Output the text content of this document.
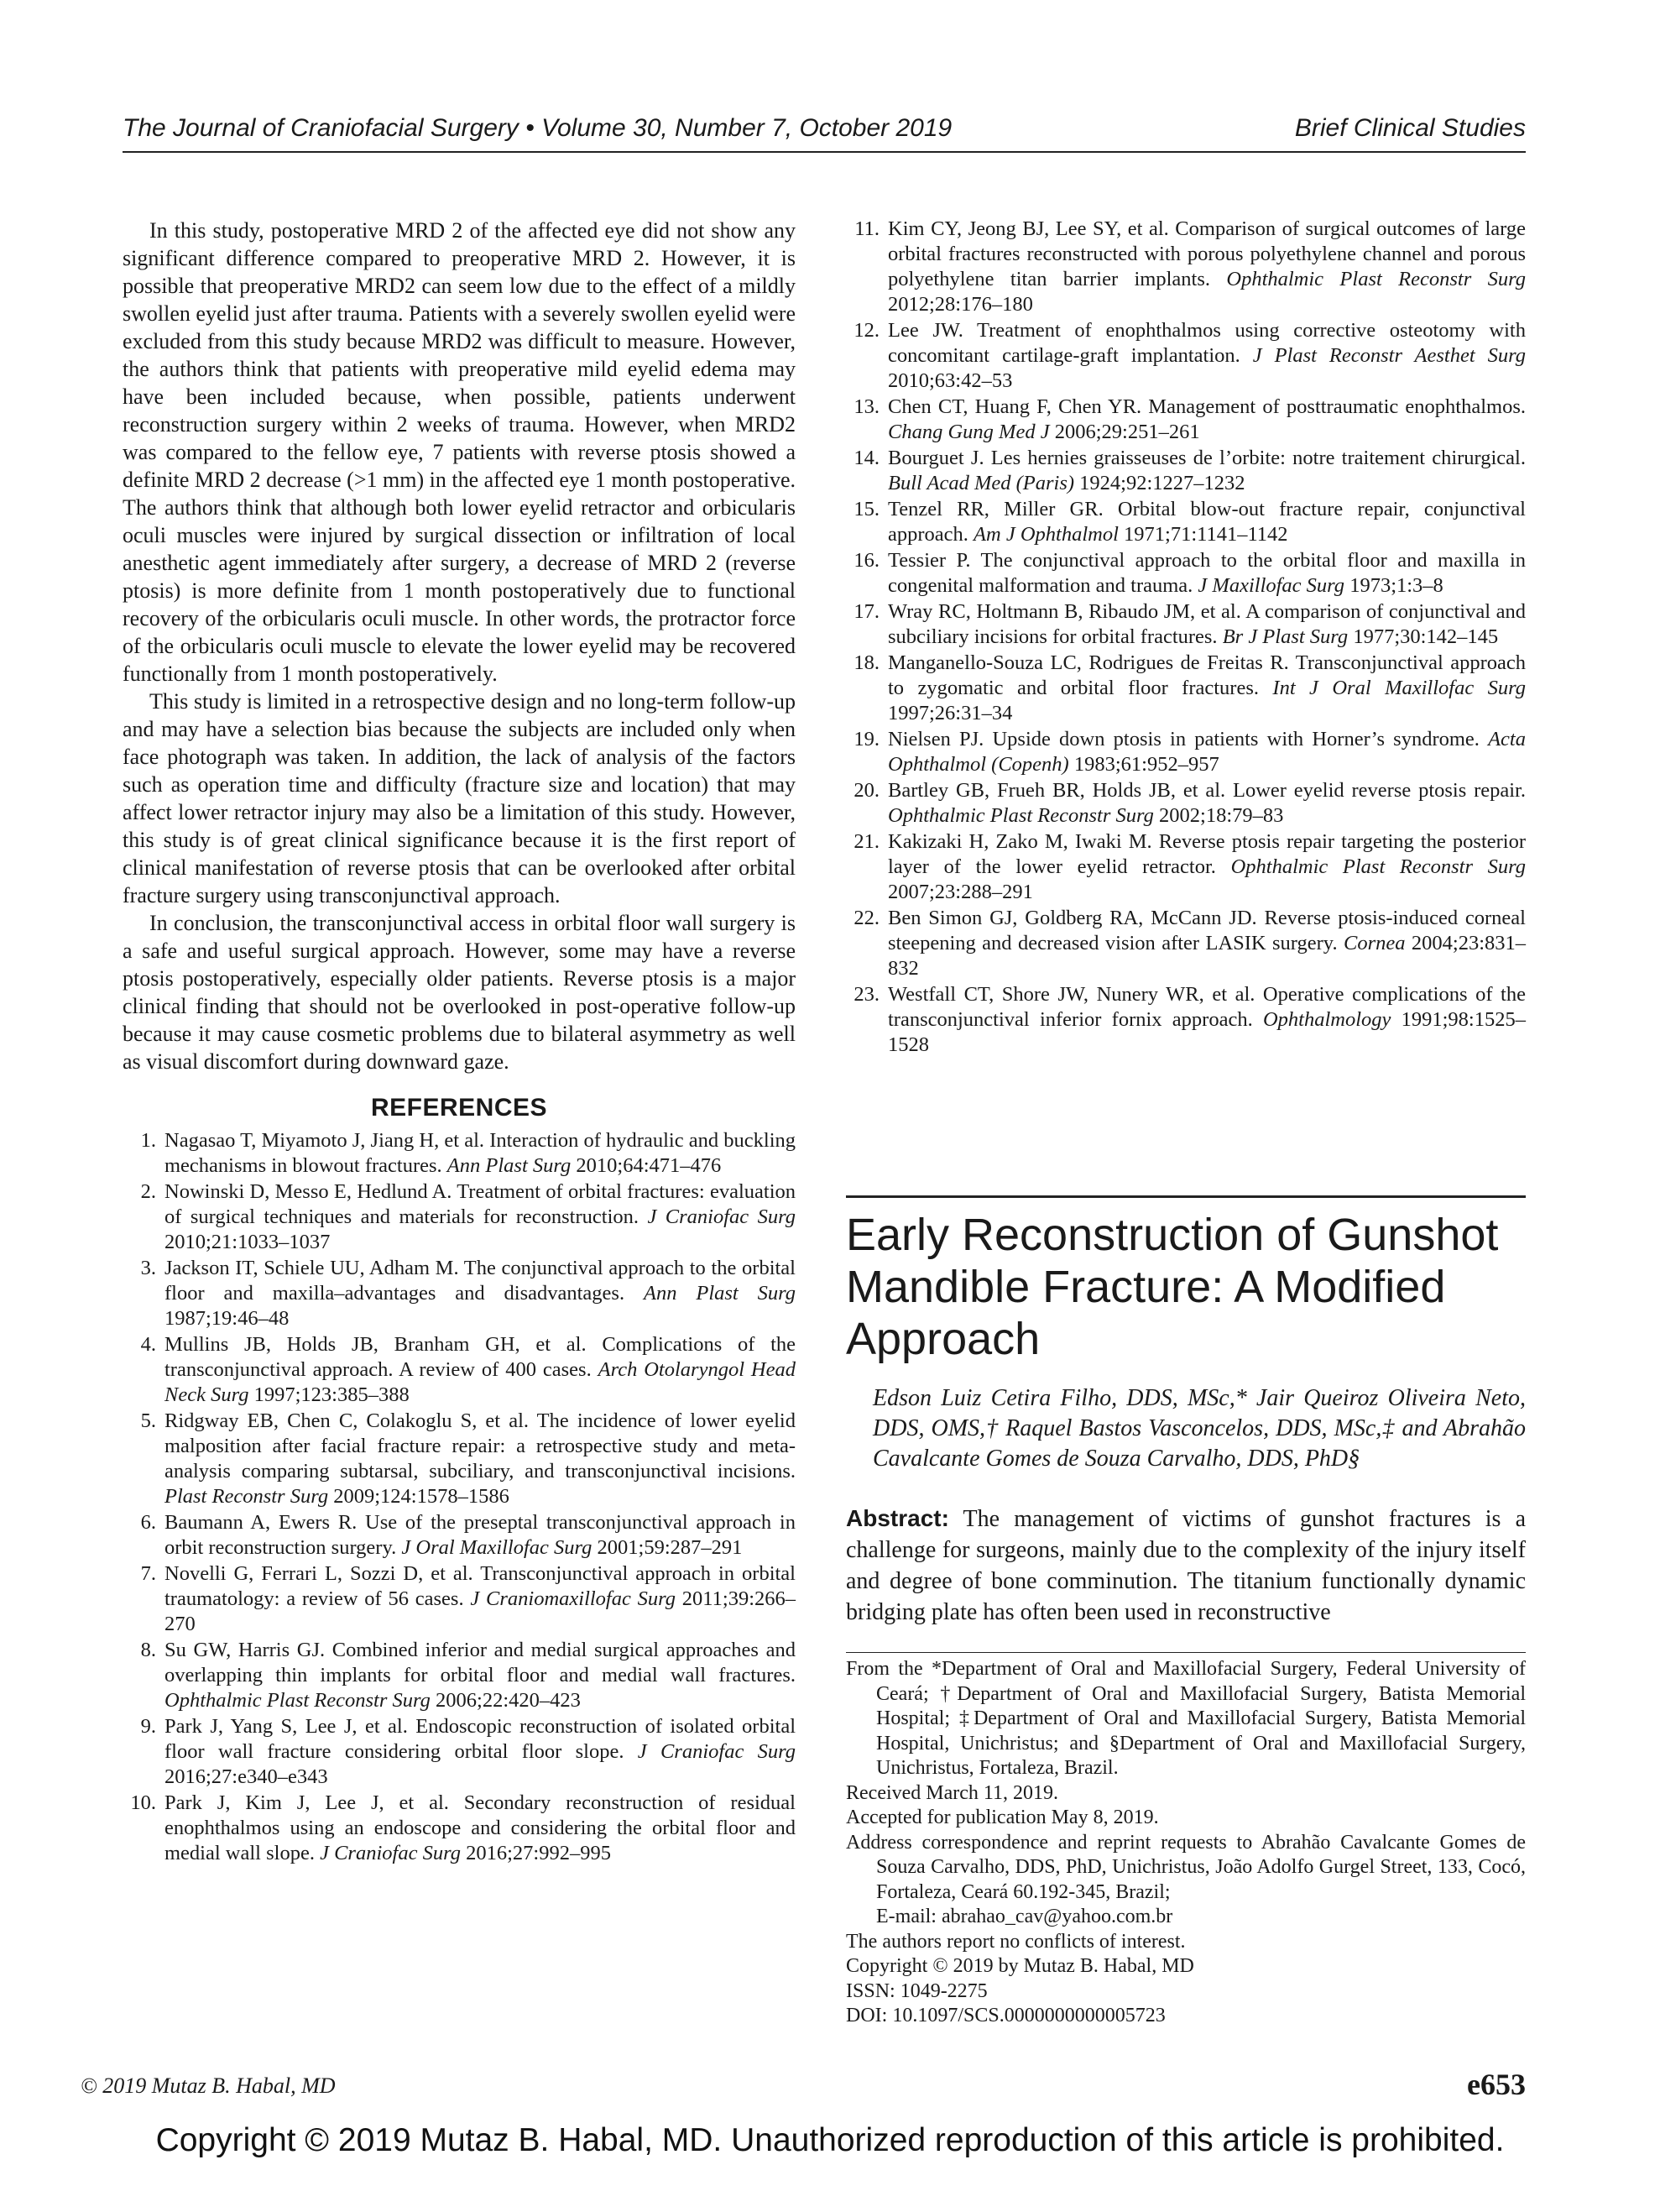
The Journal of Craniofacial Surgery • Volume 30, Number 7, October 2019	Brief Clinical Studies

In this study, postoperative MRD 2 of the affected eye did not show any significant difference compared to preoperative MRD 2. However, it is possible that preoperative MRD2 can seem low due to the effect of a mildly swollen eyelid just after trauma. Patients with a severely swollen eyelid were excluded from this study because MRD2 was difficult to measure. However, the authors think that patients with preoperative mild eyelid edema may have been included because, when possible, patients underwent reconstruction surgery within 2 weeks of trauma. However, when MRD2 was compared to the fellow eye, 7 patients with reverse ptosis showed a definite MRD 2 decrease (>1 mm) in the affected eye 1 month postoperative. The authors think that although both lower eyelid retractor and orbicularis oculi muscles were injured by surgical dissection or infiltration of local anesthetic agent immediately after surgery, a decrease of MRD 2 (reverse ptosis) is more definite from 1 month postoperatively due to functional recovery of the orbicularis oculi muscle. In other words, the protractor force of the orbicularis oculi muscle to elevate the lower eyelid may be recovered functionally from 1 month postoperatively.

This study is limited in a retrospective design and no long-term follow-up and may have a selection bias because the subjects are included only when face photograph was taken. In addition, the lack of analysis of the factors such as operation time and difficulty (fracture size and location) that may affect lower retractor injury may also be a limitation of this study. However, this study is of great clinical significance because it is the first report of clinical manifestation of reverse ptosis that can be overlooked after orbital fracture surgery using transconjunctival approach.

In conclusion, the transconjunctival access in orbital floor wall surgery is a safe and useful surgical approach. However, some may have a reverse ptosis postoperatively, especially older patients. Reverse ptosis is a major clinical finding that should not be overlooked in post-operative follow-up because it may cause cosmetic problems due to bilateral asymmetry as well as visual discomfort during downward gaze.

REFERENCES
1. Nagasao T, Miyamoto J, Jiang H, et al. Interaction of hydraulic and buckling mechanisms in blowout fractures. Ann Plast Surg 2010;64:471–476
2. Nowinski D, Messo E, Hedlund A. Treatment of orbital fractures: evaluation of surgical techniques and materials for reconstruction. J Craniofac Surg 2010;21:1033–1037
3. Jackson IT, Schiele UU, Adham M. The conjunctival approach to the orbital floor and maxilla–advantages and disadvantages. Ann Plast Surg 1987;19:46–48
4. Mullins JB, Holds JB, Branham GH, et al. Complications of the transconjunctival approach. A review of 400 cases. Arch Otolaryngol Head Neck Surg 1997;123:385–388
5. Ridgway EB, Chen C, Colakoglu S, et al. The incidence of lower eyelid malposition after facial fracture repair: a retrospective study and meta-analysis comparing subtarsal, subciliary, and transconjunctival incisions. Plast Reconstr Surg 2009;124:1578–1586
6. Baumann A, Ewers R. Use of the preseptal transconjunctival approach in orbit reconstruction surgery. J Oral Maxillofac Surg 2001;59:287–291
7. Novelli G, Ferrari L, Sozzi D, et al. Transconjunctival approach in orbital traumatology: a review of 56 cases. J Craniomaxillofac Surg 2011;39:266–270
8. Su GW, Harris GJ. Combined inferior and medial surgical approaches and overlapping thin implants for orbital floor and medial wall fractures. Ophthalmic Plast Reconstr Surg 2006;22:420–423
9. Park J, Yang S, Lee J, et al. Endoscopic reconstruction of isolated orbital floor wall fracture considering orbital floor slope. J Craniofac Surg 2016;27:e340–e343
10. Park J, Kim J, Lee J, et al. Secondary reconstruction of residual enophthalmos using an endoscope and considering the orbital floor and medial wall slope. J Craniofac Surg 2016;27:992–995
11. Kim CY, Jeong BJ, Lee SY, et al. Comparison of surgical outcomes of large orbital fractures reconstructed with porous polyethylene channel and porous polyethylene titan barrier implants. Ophthalmic Plast Reconstr Surg 2012;28:176–180
12. Lee JW. Treatment of enophthalmos using corrective osteotomy with concomitant cartilage-graft implantation. J Plast Reconstr Aesthet Surg 2010;63:42–53
13. Chen CT, Huang F, Chen YR. Management of posttraumatic enophthalmos. Chang Gung Med J 2006;29:251–261
14. Bourguet J. Les hernies graisseuses de l’orbite: notre traitement chirurgical. Bull Acad Med (Paris) 1924;92:1227–1232
15. Tenzel RR, Miller GR. Orbital blow-out fracture repair, conjunctival approach. Am J Ophthalmol 1971;71:1141–1142
16. Tessier P. The conjunctival approach to the orbital floor and maxilla in congenital malformation and trauma. J Maxillofac Surg 1973;1:3–8
17. Wray RC, Holtmann B, Ribaudo JM, et al. A comparison of conjunctival and subciliary incisions for orbital fractures. Br J Plast Surg 1977;30:142–145
18. Manganello-Souza LC, Rodrigues de Freitas R. Transconjunctival approach to zygomatic and orbital floor fractures. Int J Oral Maxillofac Surg 1997;26:31–34
19. Nielsen PJ. Upside down ptosis in patients with Horner’s syndrome. Acta Ophthalmol (Copenh) 1983;61:952–957
20. Bartley GB, Frueh BR, Holds JB, et al. Lower eyelid reverse ptosis repair. Ophthalmic Plast Reconstr Surg 2002;18:79–83
21. Kakizaki H, Zako M, Iwaki M. Reverse ptosis repair targeting the posterior layer of the lower eyelid retractor. Ophthalmic Plast Reconstr Surg 2007;23:288–291
22. Ben Simon GJ, Goldberg RA, McCann JD. Reverse ptosis-induced corneal steepening and decreased vision after LASIK surgery. Cornea 2004;23:831–832
23. Westfall CT, Shore JW, Nunery WR, et al. Operative complications of the transconjunctival inferior fornix approach. Ophthalmology 1991;98:1525–1528
Early Reconstruction of Gunshot Mandible Fracture: A Modified Approach
Edson Luiz Cetira Filho, DDS, MSc,* Jair Queiroz Oliveira Neto, DDS, OMS,† Raquel Bastos Vasconcelos, DDS, MSc,‡ and Abrahão Cavalcante Gomes de Souza Carvalho, DDS, PhD§
Abstract: The management of victims of gunshot fractures is a challenge for surgeons, mainly due to the complexity of the injury itself and degree of bone comminution. The titanium functionally dynamic bridging plate has often been used in reconstructive

From the *Department of Oral and Maxillofacial Surgery, Federal University of Ceará; †Department of Oral and Maxillofacial Surgery, Batista Memorial Hospital; ‡Department of Oral and Maxillofacial Surgery, Batista Memorial Hospital, Unichristus; and §Department of Oral and Maxillofacial Surgery, Unichristus, Fortaleza, Brazil.

Received March 11, 2019.

Accepted for publication May 8, 2019.

Address correspondence and reprint requests to Abrahão Cavalcante Gomes de Souza Carvalho, DDS, PhD, Unichristus, João Adolfo Gurgel Street, 133, Cocó, Fortaleza, Ceará 60.192-345, Brazil;

E-mail: abrahao_cav@yahoo.com.br

The authors report no conflicts of interest.

Copyright © 2019 by Mutaz B. Habal, MD

ISSN: 1049-2275

DOI: 10.1097/SCS.0000000000005723

© 2019 Mutaz B. Habal, MD	e653
Copyright © 2019 Mutaz B. Habal, MD. Unauthorized reproduction of this article is prohibited.
